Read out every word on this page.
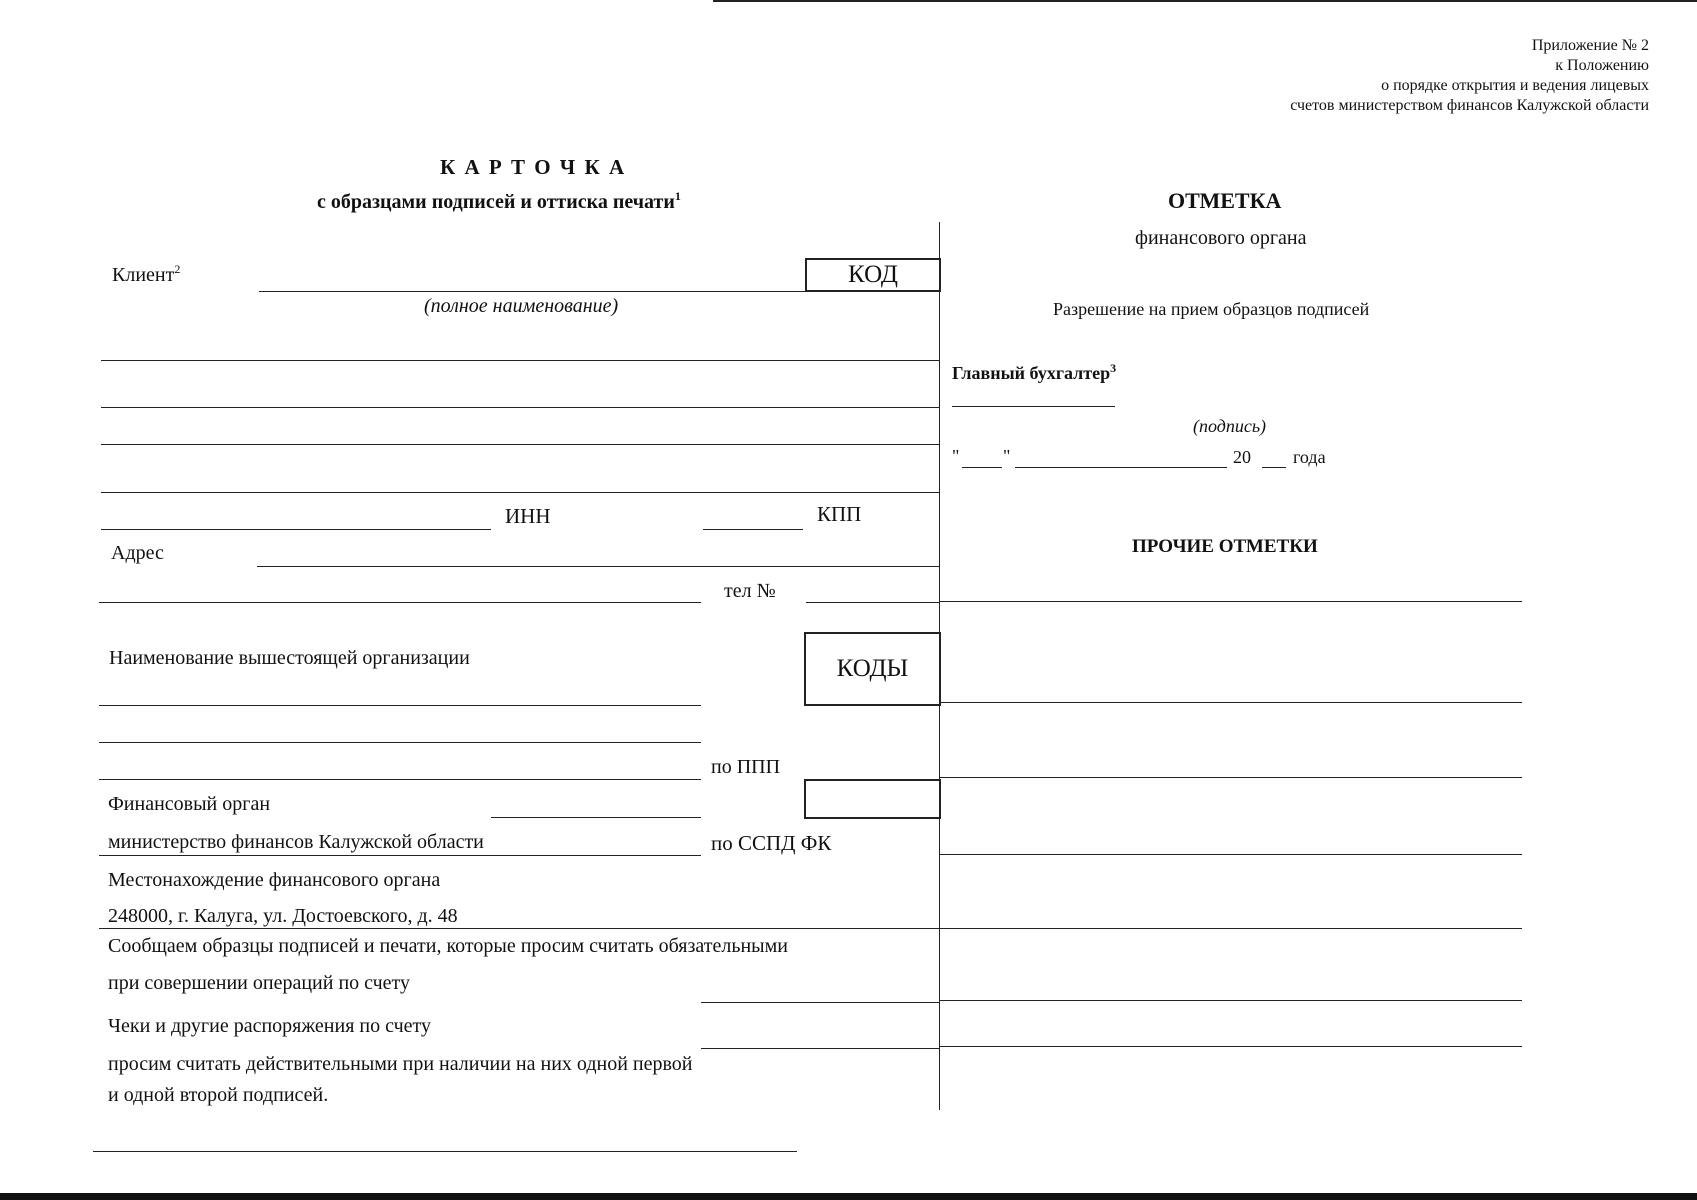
Приложение № 2
к Положению
о порядке открытия и ведения лицевых
счетов министерством финансов Калужской области
К А Р Т О Ч К А
с образцами подписей и оттиска печати$^1$
Клиент$^2$	КОД
(полное наименование)
ИНН	КПП
Адрес
тел №
Наименование вышестоящей организации	КОДЫ
по ППП
Финансовый орган
министерство финансов Калужской области	по ССПД ФК
Местонахождение финансового органа
248000, г. Калуга, ул. Достоевского, д. 48
Сообщаем образцы подписей и печати, которые просим считать обязательными
при совершении операций по счету
Чеки и другие распоряжения по счету
просим считать действительными при наличии на них одной первой
и одной второй подписей.
ОТМЕТКА
финансового органа
Разрешение на прием образцов подписей
Главный бухгалтер$^3$
(подпись)
" "	20 года
ПРОЧИЕ ОТМЕТКИ
